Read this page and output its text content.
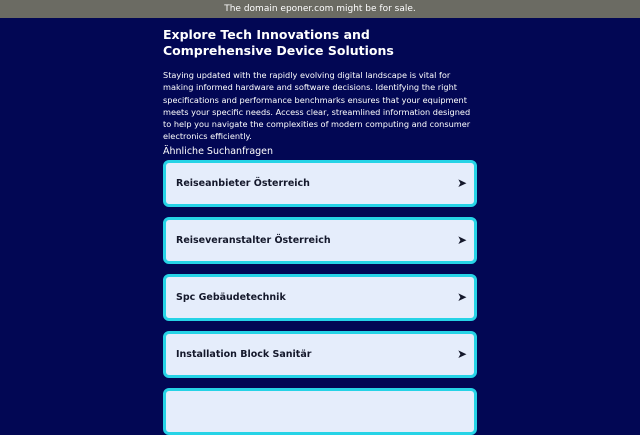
The domain eponer.com might be for sale.
Explore Tech Innovations and Comprehensive Device Solutions

Staying updated with the rapidly evolving digital landscape is vital for making informed hardware and software decisions. Identifying the right specifications and performance benchmarks ensures that your equipment meets your specific needs. Access clear, streamlined information designed to help you navigate the complexities of modern computing and consumer electronics efficiently.

Ähnliche Suchanfragen
Reiseanbieter Österreich	➤
Reiseveranstalter Österreich	➤
Spc Gebäudetechnik	➤
Installation Block Sanitär	➤
